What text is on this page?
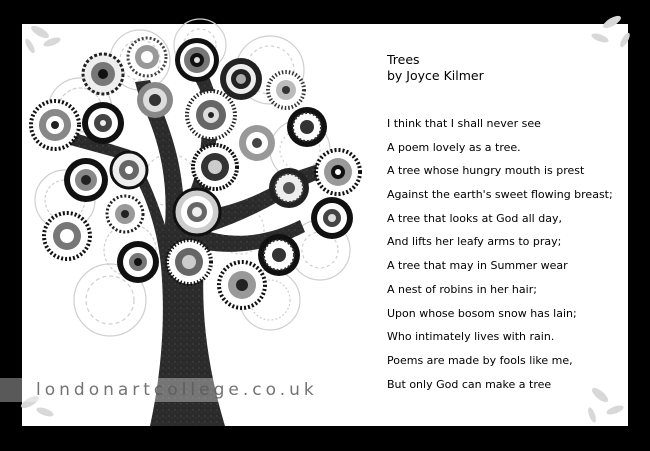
Trees
by Joyce Kilmer
I think that I shall never see
A poem lovely as a tree.
A tree whose hungry mouth is prest
Against the earth's sweet flowing breast;
A tree that looks at God all day,
And lifts her leafy arms to pray;
A tree that may in Summer wear
A nest of robins in her hair;
Upon whose bosom snow has lain;
Who intimately lives with rain.
Poems are made by fools like me,
But only God can make a tree
londonartcollege.co.uk
